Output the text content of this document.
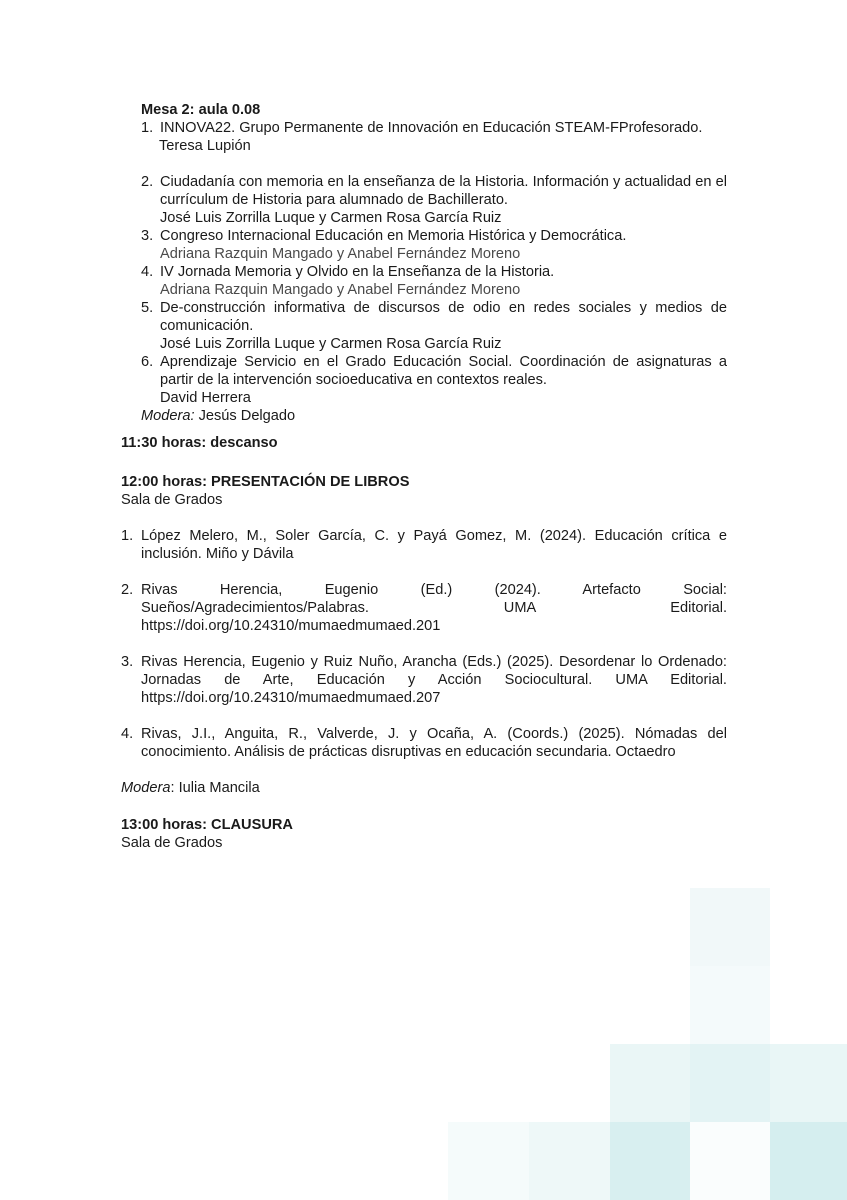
Mesa 2: aula 0.08
1. INNOVA22. Grupo Permanente de Innovación en Educación STEAM-FProfesorado.
Teresa Lupión
2. Ciudadanía con memoria en la enseñanza de la Historia. Información y actualidad en el currículum de Historia para alumnado de Bachillerato.
José Luis Zorrilla Luque y Carmen Rosa García Ruiz
3. Congreso Internacional Educación en Memoria Histórica y Democrática.
Adriana Razquin Mangado y Anabel Fernández Moreno
4. IV Jornada Memoria y Olvido en la Enseñanza de la Historia.
Adriana Razquin Mangado y Anabel Fernández Moreno
5. De-construcción informativa de discursos de odio en redes sociales y medios de comunicación.
José Luis Zorrilla Luque y Carmen Rosa García Ruiz
6. Aprendizaje Servicio en el Grado Educación Social. Coordinación de asignaturas a partir de la intervención socioeducativa en contextos reales.
David Herrera
Modera: Jesús Delgado
11:30 horas: descanso
12:00 horas: PRESENTACIÓN DE LIBROS
Sala de Grados
1. López Melero, M., Soler García, C. y Payá Gomez, M. (2024). Educación crítica e inclusión. Miño y Dávila
2. Rivas Herencia, Eugenio (Ed.) (2024). Artefacto Social:
Sueños/Agradecimientos/Palabras. UMA Editorial.
https://doi.org/10.24310/mumaedmumaed.201
3. Rivas Herencia, Eugenio y Ruiz Nuño, Arancha (Eds.) (2025). Desordenar lo Ordenado: Jornadas de Arte, Educación y Acción Sociocultural. UMA Editorial. https://doi.org/10.24310/mumaedmumaed.207
4. Rivas, J.I., Anguita, R., Valverde, J. y Ocaña, A. (Coords.) (2025). Nómadas del conocimiento. Análisis de prácticas disruptivas en educación secundaria. Octaedro
Modera: Iulia Mancila
13:00 horas: CLAUSURA
Sala de Grados
